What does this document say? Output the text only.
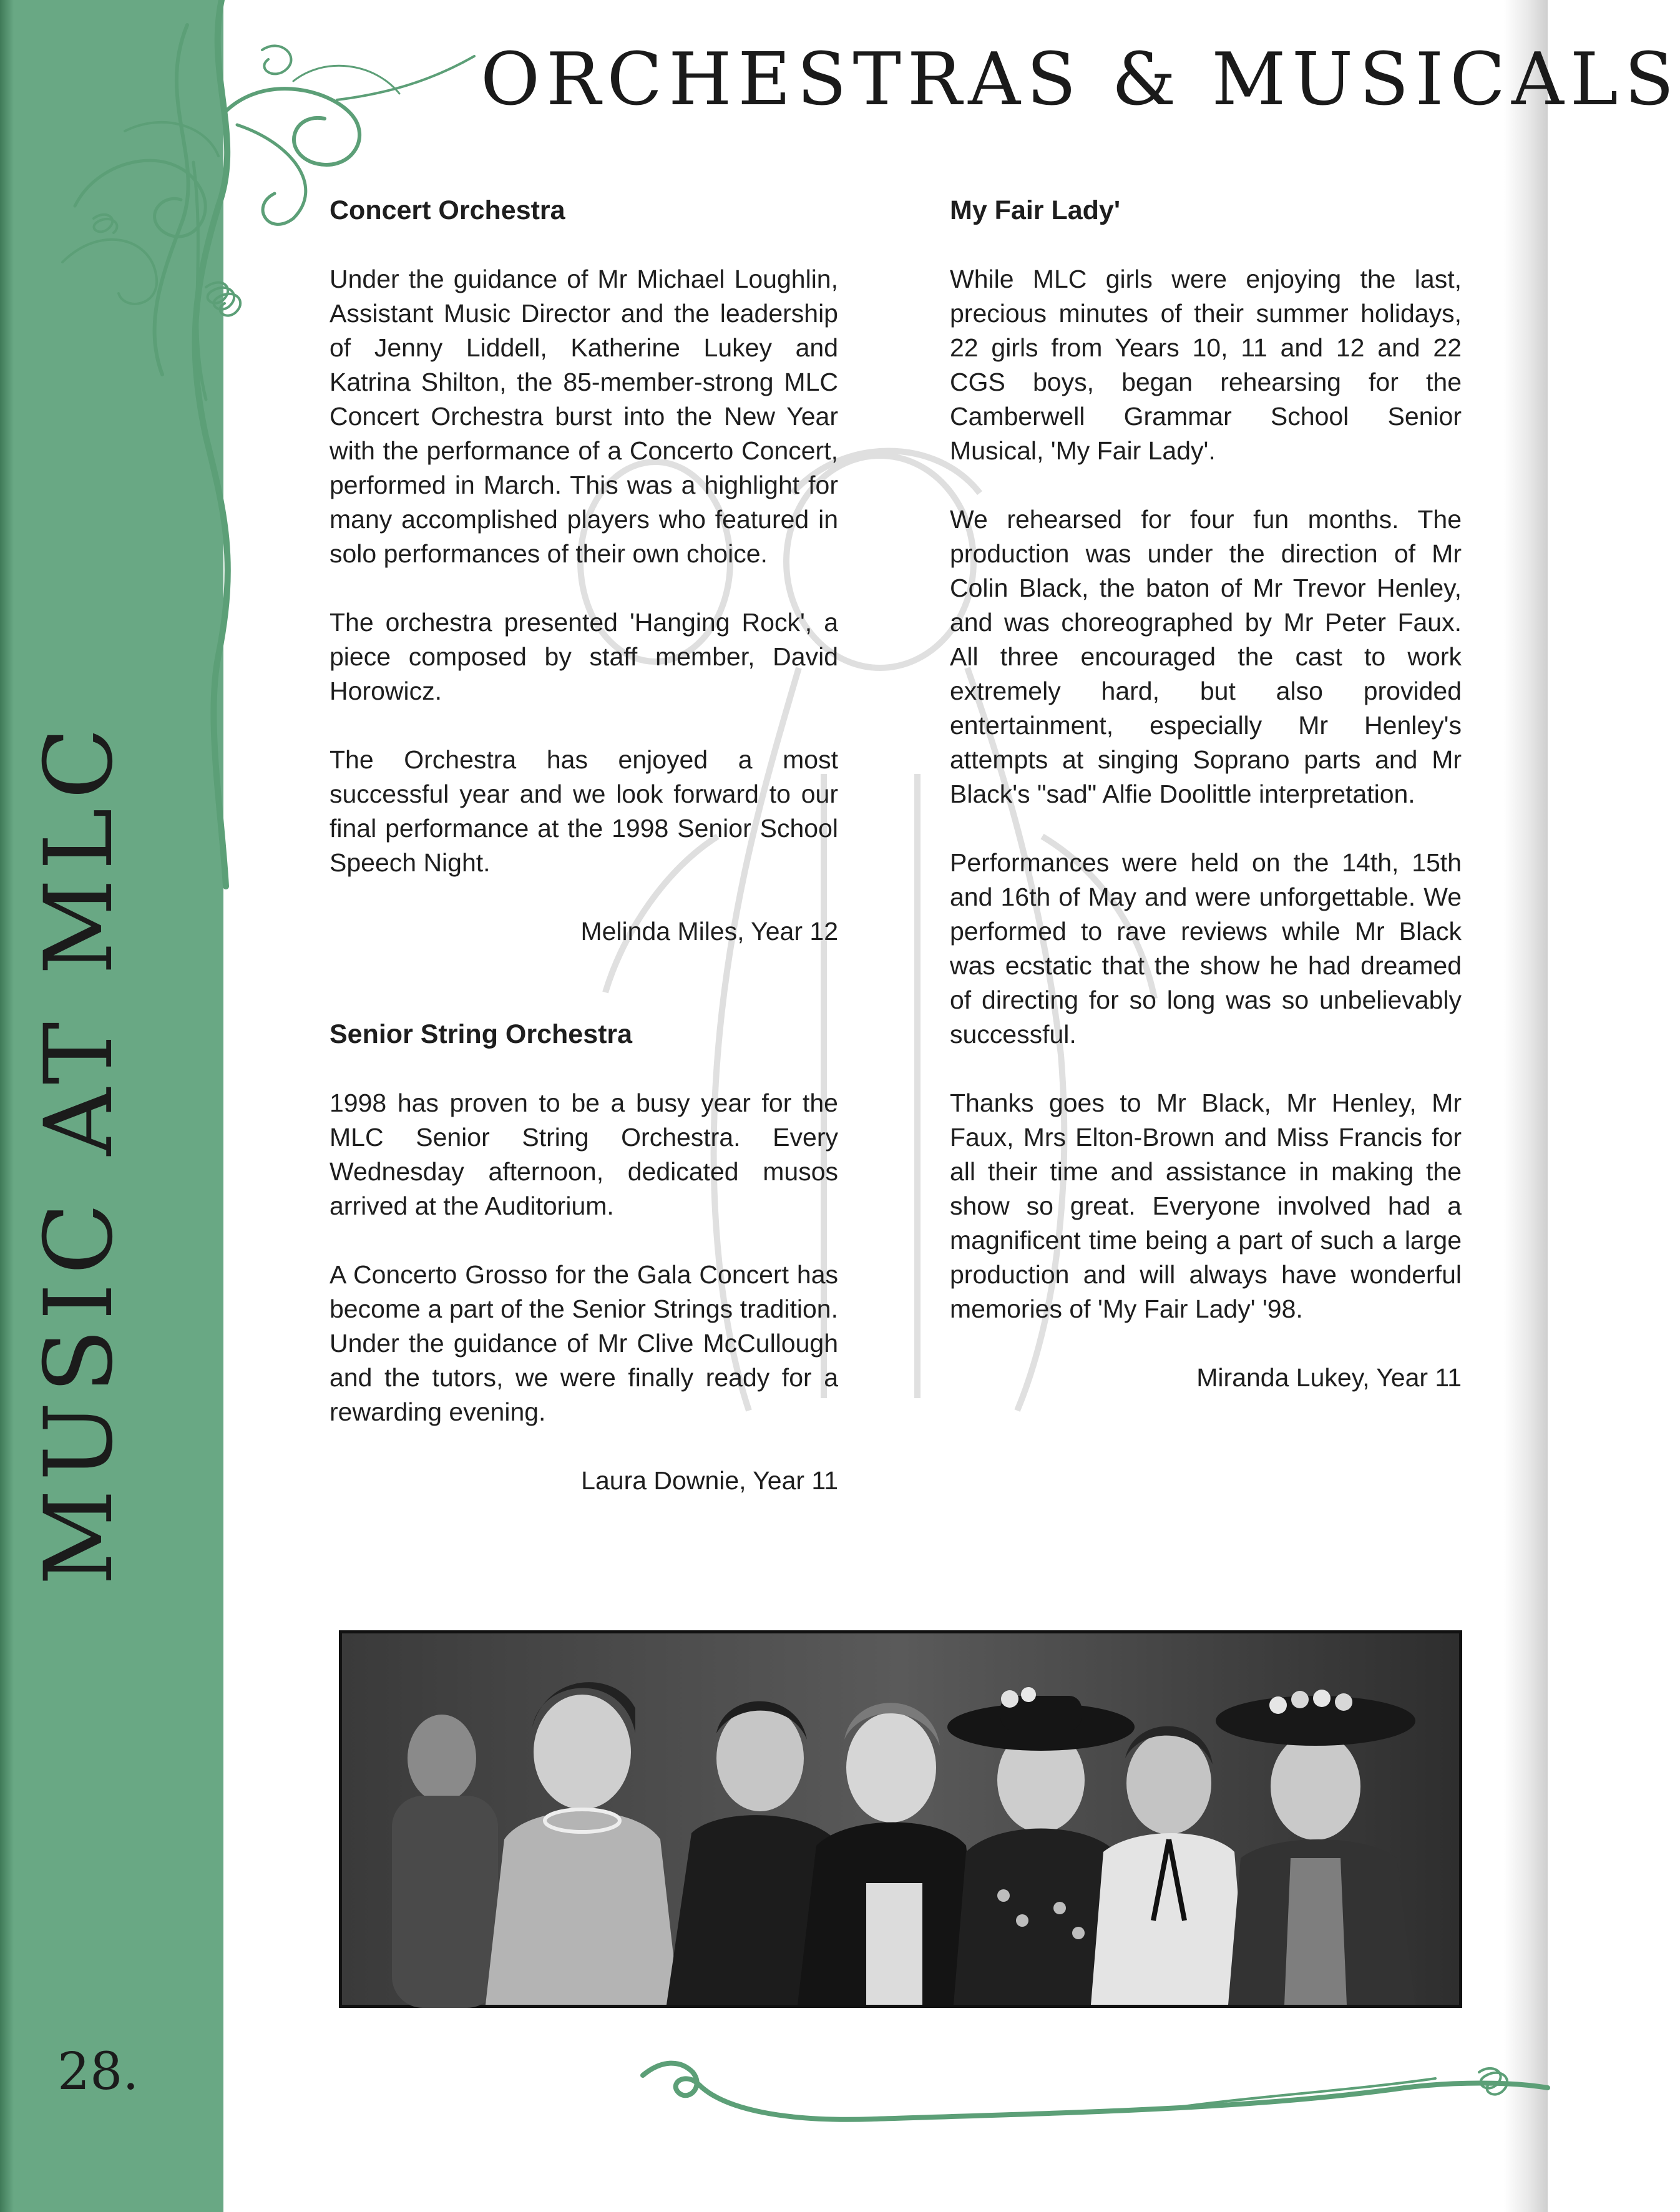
MUSIC AT MLC
28.
ORCHESTRAS & MUSICALS
Concert Orchestra

Under the guidance of Mr Michael Loughlin, Assistant Music Director and the leadership of Jenny Liddell, Katherine Lukey and Katrina Shilton, the 85-member-strong MLC Concert Orchestra burst into the New Year with the performance of a Concerto Concert, performed in March. This was a highlight for many accomplished players who featured in solo performances of their own choice.

The orchestra presented 'Hanging Rock', a piece composed by staff member, David Horowicz.

The Orchestra has enjoyed a most successful year and we look forward to our final performance at the 1998 Senior School Speech Night.

Melinda Miles, Year 12

Senior String Orchestra

1998 has proven to be a busy year for the MLC Senior String Orchestra. Every Wednesday afternoon, dedicated musos arrived at the Auditorium.

A Concerto Grosso for the Gala Concert has become a part of the Senior Strings tradition. Under the guidance of Mr Clive McCullough and the tutors, we were finally ready for a rewarding evening.

Laura Downie, Year 11

My Fair Lady'

While MLC girls were enjoying the last, precious minutes of their summer holidays, 22 girls from Years 10, 11 and 12 and 22 CGS boys, began rehearsing for the Camberwell Grammar School Senior Musical, 'My Fair Lady'.

We rehearsed for four fun months. The production was under the direction of Mr Colin Black, the baton of Mr Trevor Henley, and was choreographed by Mr Peter Faux. All three encouraged the cast to work extremely hard, but also provided entertainment, especially Mr Henley's attempts at singing Soprano parts and Mr Black's "sad" Alfie Doolittle interpretation.

Performances were held on the 14th, 15th and 16th of May and were unforgettable. We performed to rave reviews while Mr Black was ecstatic that the show he had dreamed of directing for so long was so unbelievably successful.

Thanks goes to Mr Black, Mr Henley, Mr Faux, Mrs Elton-Brown and Miss Francis for all their time and assistance in making the show so great. Everyone involved had a magnificent time being a part of such a large production and will always have wonderful memories of 'My Fair Lady' '98.

Miranda Lukey, Year 11
